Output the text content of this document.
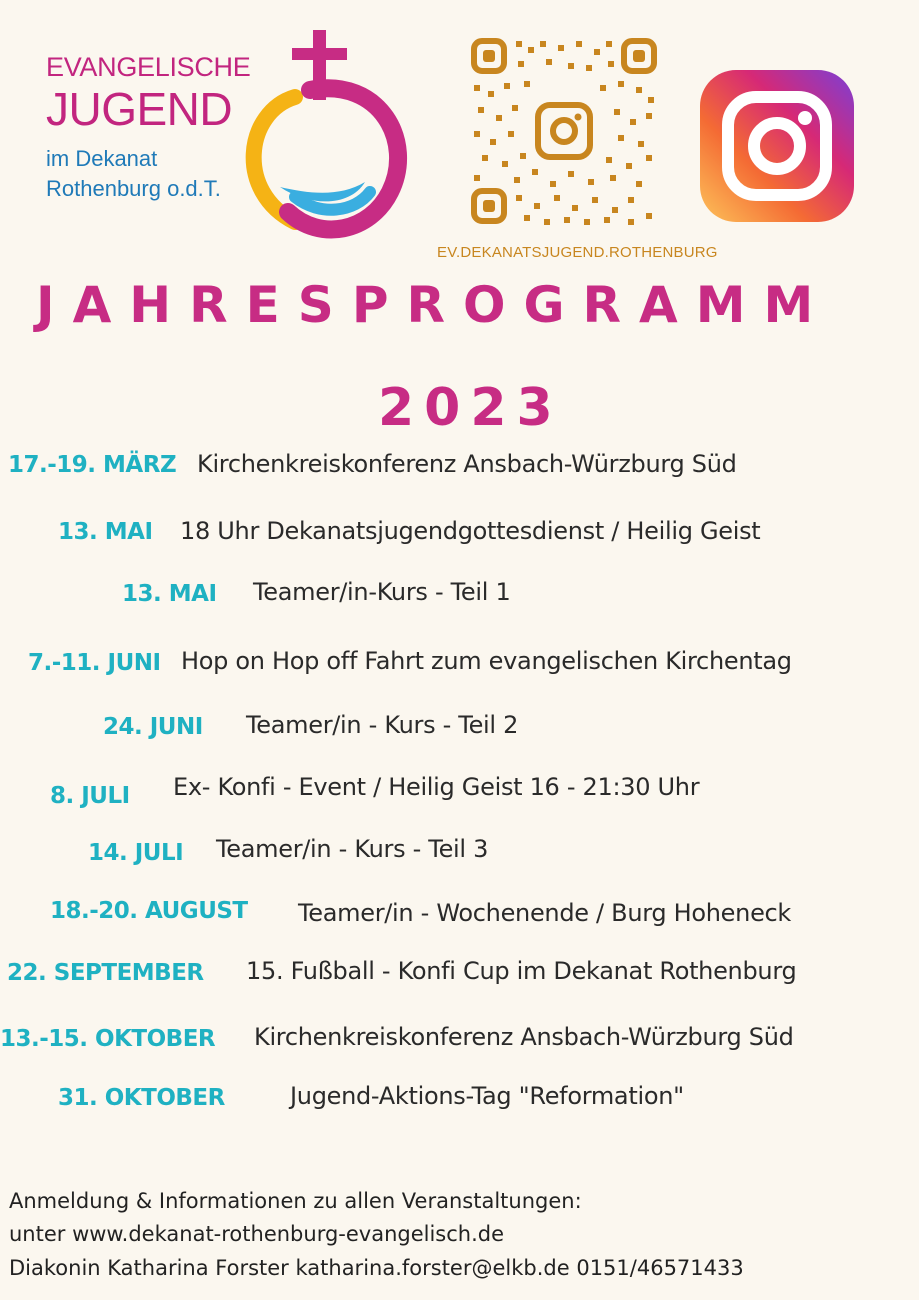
EVANGELISCHE
JUGEND
im Dekanat
Rothenburg o.d.T.
EV.DEKANATSJUGEND.ROTHENBURG
JAHRESPROGRAMM
2023
17.-19. MÄRZ Kirchenkreiskonferenz Ansbach-Würzburg Süd
13. MAI 18 Uhr Dekanatsjugendgottesdienst / Heilig Geist
13. MAI Teamer/in-Kurs - Teil 1
7.-11. JUNI Hop on Hop off Fahrt zum evangelischen Kirchentag
24. JUNI Teamer/in - Kurs - Teil 2
8. JULI Ex- Konfi - Event / Heilig Geist 16 - 21:30 Uhr
14. JULI Teamer/in - Kurs - Teil 3
18.-20. AUGUST Teamer/in - Wochenende / Burg Hoheneck
22. SEPTEMBER 15. Fußball - Konfi Cup im Dekanat Rothenburg
13.-15. OKTOBER Kirchenkreiskonferenz Ansbach-Würzburg Süd
31. OKTOBER	Jugend-Aktions-Tag "Reformation"
Anmeldung & Informationen zu allen Veranstaltungen:
unter www.dekanat-rothenburg-evangelisch.de
Diakonin Katharina Forster katharina.forster@elkb.de 0151/46571433
